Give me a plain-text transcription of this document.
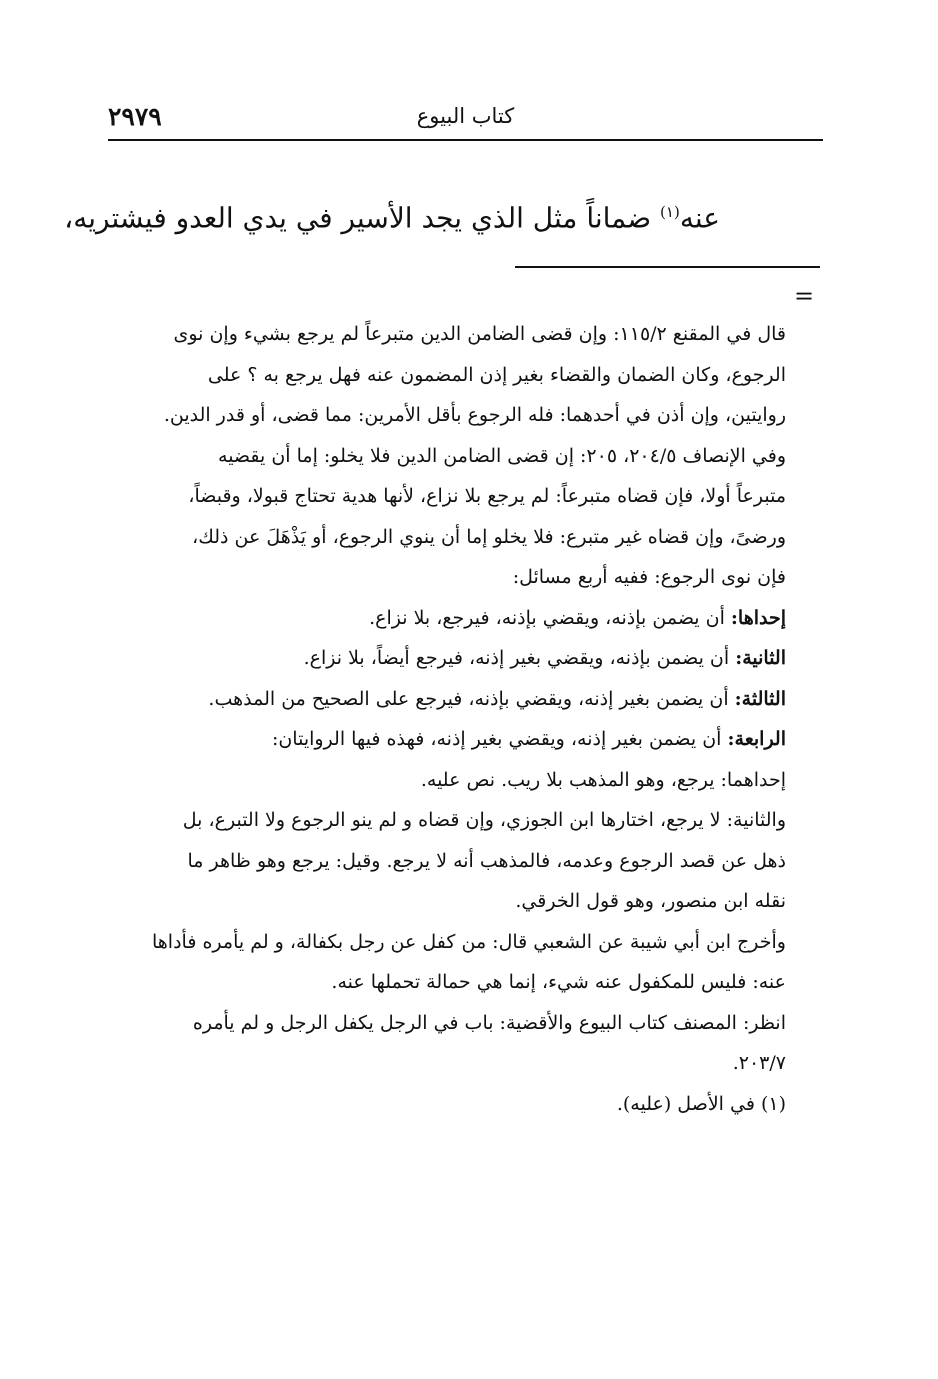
كتاب البيوع
٢٩٧٩
عنه$^{(١)}$ ضماناً مثل الذي يجد الأسير في يدي العدو فيشتريه،
=

قال في المقنع ١١٥/٢: وإن قضى الضامن الدين متبرعاً لم يرجع بشيء وإن نوى

الرجوع، وكان الضمان والقضاء بغير إذن المضمون عنه فهل يرجع به ؟ على

روايتين، وإن أذن في أحدهما: فله الرجوع بأقل الأمرين: مما قضى، أو قدر الدين.

وفي الإنصاف ٢٠٤/٥، ٢٠٥: إن قضى الضامن الدين فلا يخلو: إما أن يقضيه

متبرعاً أولا، فإن قضاه متبرعاً: لم يرجع بلا نزاع، لأنها هدية تحتاج قبولا، وقبضاً،

ورضىً، وإن قضاه غير متبرع: فلا يخلو إما أن ينوي الرجوع، أو يَذْهَلَ عن ذلك،

فإن نوى الرجوع: ففيه أربع مسائل:

إحداها: أن يضمن بإذنه، ويقضي بإذنه، فيرجع، بلا نزاع.

الثانية: أن يضمن بإذنه، ويقضي بغير إذنه، فيرجع أيضاً، بلا نزاع.

الثالثة: أن يضمن بغير إذنه، ويقضي بإذنه، فيرجع على الصحيح من المذهب.

الرابعة: أن يضمن بغير إذنه، ويقضي بغير إذنه، فهذه فيها الروايتان:

إحداهما: يرجع، وهو المذهب بلا ريب. نص عليه.

والثانية: لا يرجع، اختارها ابن الجوزي، وإن قضاه و لم ينو الرجوع ولا التبرع، بل

ذهل عن قصد الرجوع وعدمه، فالمذهب أنه لا يرجع. وقيل: يرجع وهو ظاهر ما

نقله ابن منصور، وهو قول الخرقي.

وأخرج ابن أبي شيبة عن الشعبي قال: من كفل عن رجل بكفالة، و لم يأمره فأداها

عنه: فليس للمكفول عنه شيء، إنما هي حمالة تحملها عنه.

انظر: المصنف كتاب البيوع والأقضية: باب في الرجل يكفل الرجل و لم يأمره

٢٠٣/٧.

(١) في الأصل (عليه).
